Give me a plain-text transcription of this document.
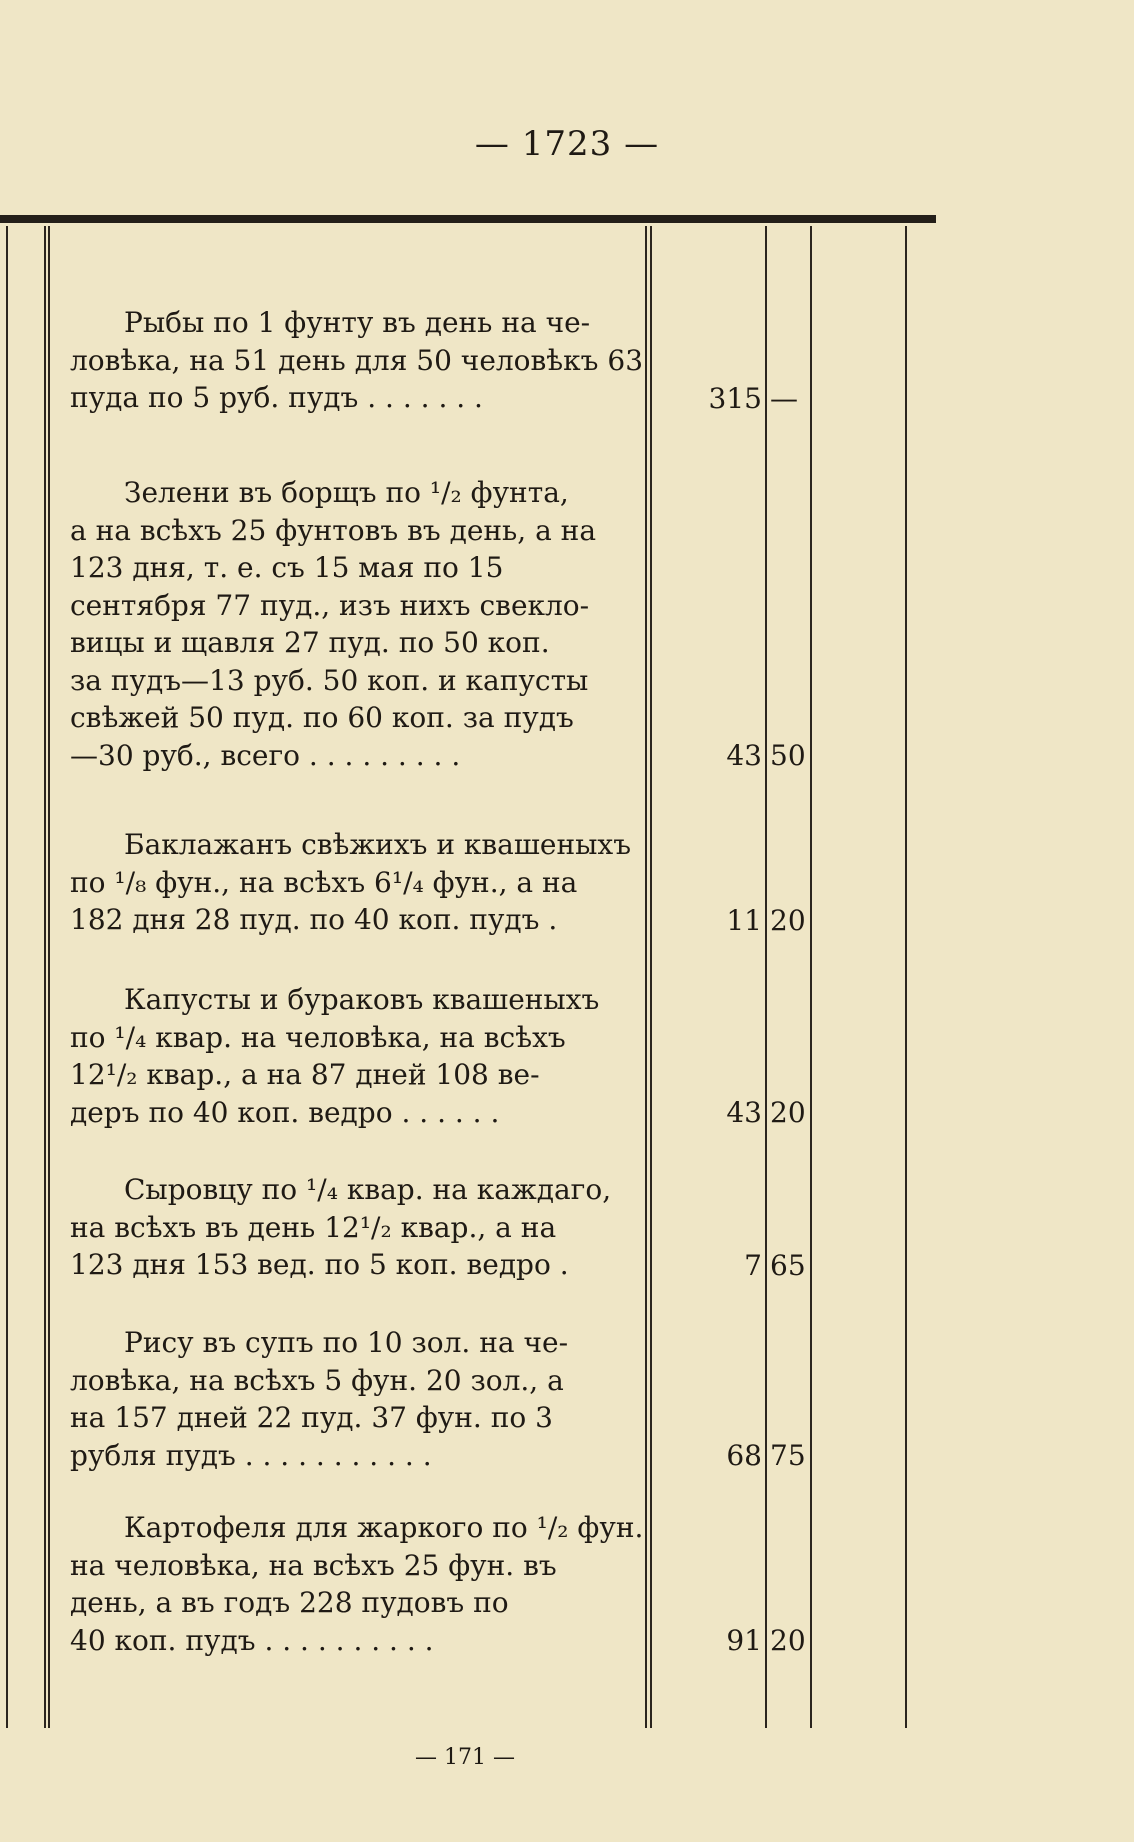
— 1723 —
Рыбы по 1 фунту въ день на че-
ловѣка, на 51 день для 50 человѣкъ 63
пуда по 5 руб. пудъ . . . . . . .	315 —
Зелени въ борщъ по ¹/₂ фунта,
а на всѣхъ 25 фунтовъ въ день, а на
123 дня, т. е. съ 15 мая по 15
сентября 77 пуд., изъ нихъ свекло-
вицы и щавля 27 пуд. по 50 коп.
за пудъ—13 руб. 50 коп. и капусты
свѣжей 50 пуд. по 60 коп. за пудъ
—30 руб., всего . . . . . . . . .	43 50
Баклажанъ свѣжихъ и квашеныхъ
по ¹/₈ фун., на всѣхъ 6¹/₄ фун., а на
182 дня 28 пуд. по 40 коп. пудъ .	11 20
Капусты и бураковъ квашеныхъ
по ¹/₄ квар. на человѣка, на всѣхъ
12¹/₂ квар., а на 87 дней 108 ве-
деръ по 40 коп. ведро . . . . . .	43 20
Сыровцу по ¹/₄ квар. на каждаго,
на всѣхъ въ день 12¹/₂ квар., а на
123 дня 153 вед. по 5 коп. ведро .	7 65
Рису въ супъ по 10 зол. на че-
ловѣка, на всѣхъ 5 фун. 20 зол., а
на 157 дней 22 пуд. 37 фун. по 3
рубля пудъ . . . . . . . . . . .	68 75
Картофеля для жаркого по ¹/₂ фун.
на человѣка, на всѣхъ 25 фун. въ
день, а въ годъ 228 пудовъ по
40 коп. пудъ . . . . . . . . . .	91 20
— 171 —
